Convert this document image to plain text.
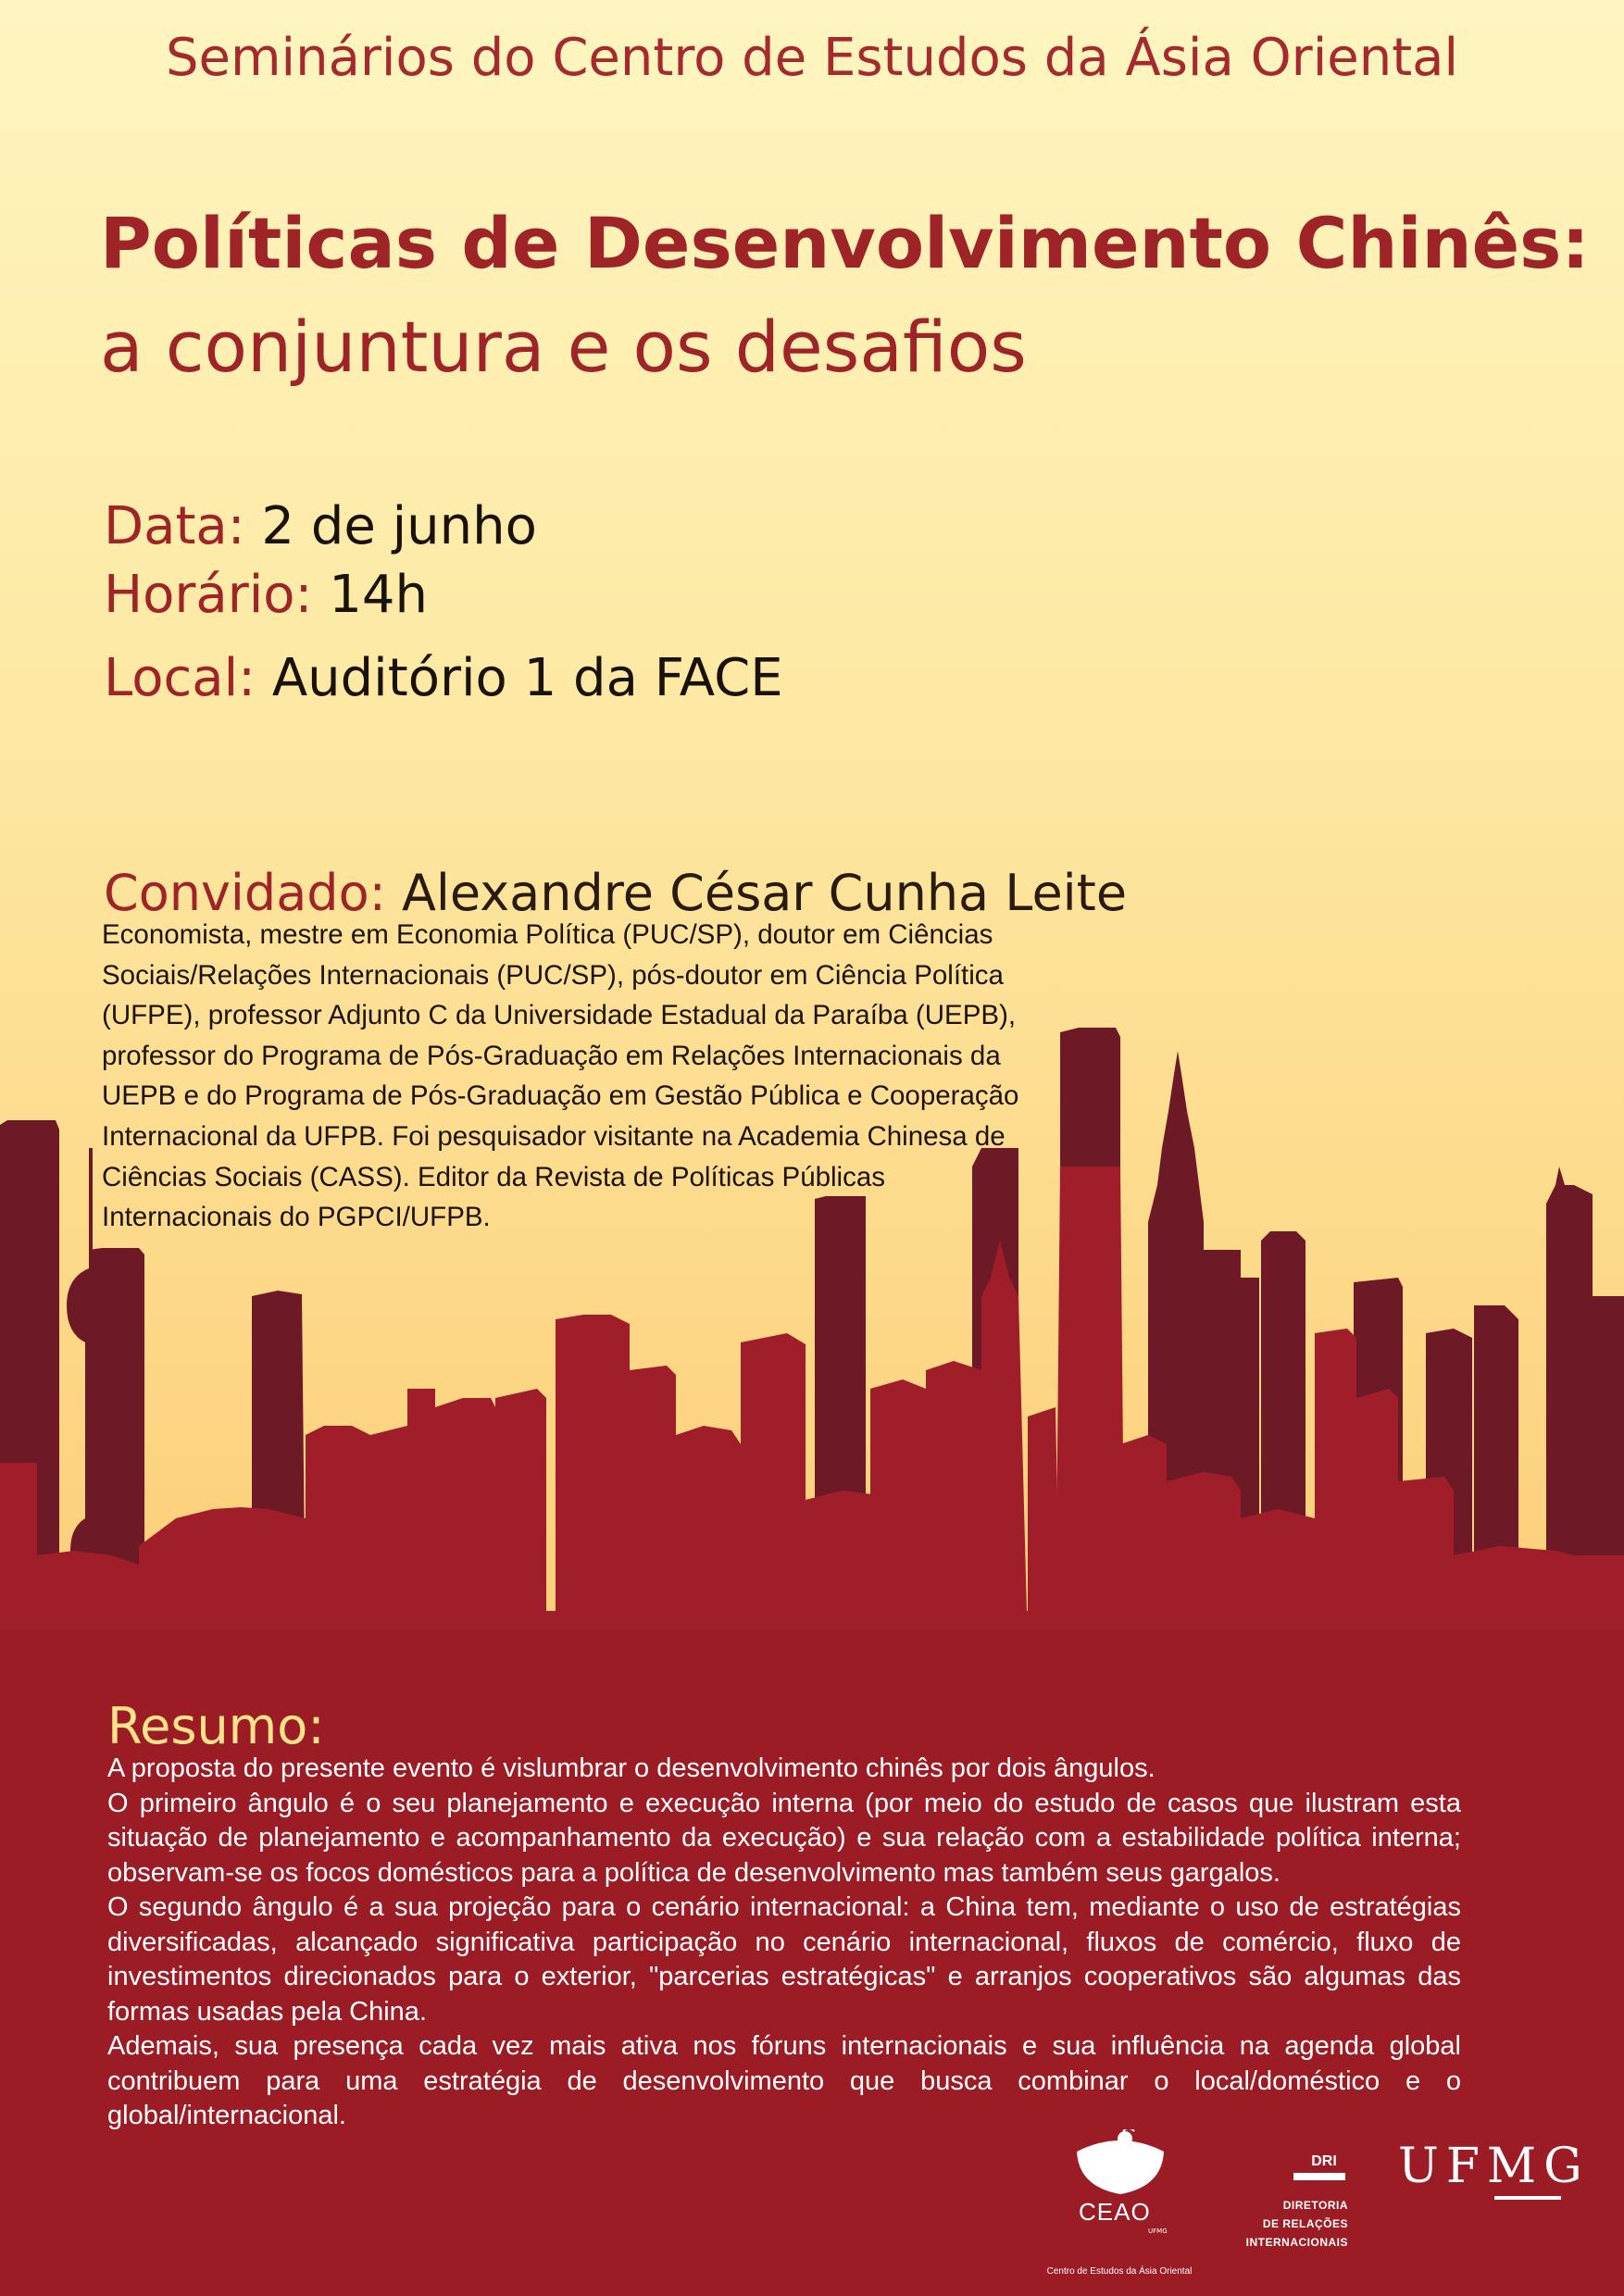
Seminários do Centro de Estudos da Ásia Oriental
Políticas de Desenvolvimento Chinês:
a conjuntura e os desafios
Data: 2 de junho
Horário: 14h
Local: Auditório 1 da FACE
Convidado: Alexandre César Cunha Leite
Economista, mestre em Economia Política (PUC/SP), doutor em Ciências Sociais/Relações Internacionais (PUC/SP), pós-doutor em Ciência Política (UFPE), professor Adjunto C da Universidade Estadual da Paraíba (UEPB), professor do Programa de Pós-Graduação em Relações Internacionais da UEPB e do Programa de Pós-Graduação em Gestão Pública e Cooperação Internacional da UFPB. Foi pesquisador visitante na Academia Chinesa de Ciências Sociais (CASS). Editor da Revista de Políticas Públicas Internacionais do PGPCI/UFPB.
Resumo:

A proposta do presente evento é vislumbrar o desenvolvimento chinês por dois ângulos.

O primeiro ângulo é o seu planejamento e execução interna (por meio do estudo de casos que ilustram esta situação de planejamento e acompanhamento da execução) e sua relação com a estabilidade política interna; observam-se os focos domésticos para a política de desenvolvimento mas também seus gargalos.

O segundo ângulo é a sua projeção para o cenário internacional: a China tem, mediante o uso de estratégias diversificadas, alcançado significativa participação no cenário internacional, fluxos de comércio, fluxo de investimentos direcionados para o exterior, "parcerias estratégicas" e arranjos cooperativos são algumas das formas usadas pela China.

Ademais, sua presença cada vez mais ativa nos fóruns internacionais e sua influência na agenda global contribuem para uma estratégia de desenvolvimento que busca combinar o local/doméstico e o global/internacional.

CEAO
UFMG
Centro de Estudos da Ásia Oriental
DRI
DIRETORIA
DE RELAÇÕES
INTERNACIONAIS
UFMG
